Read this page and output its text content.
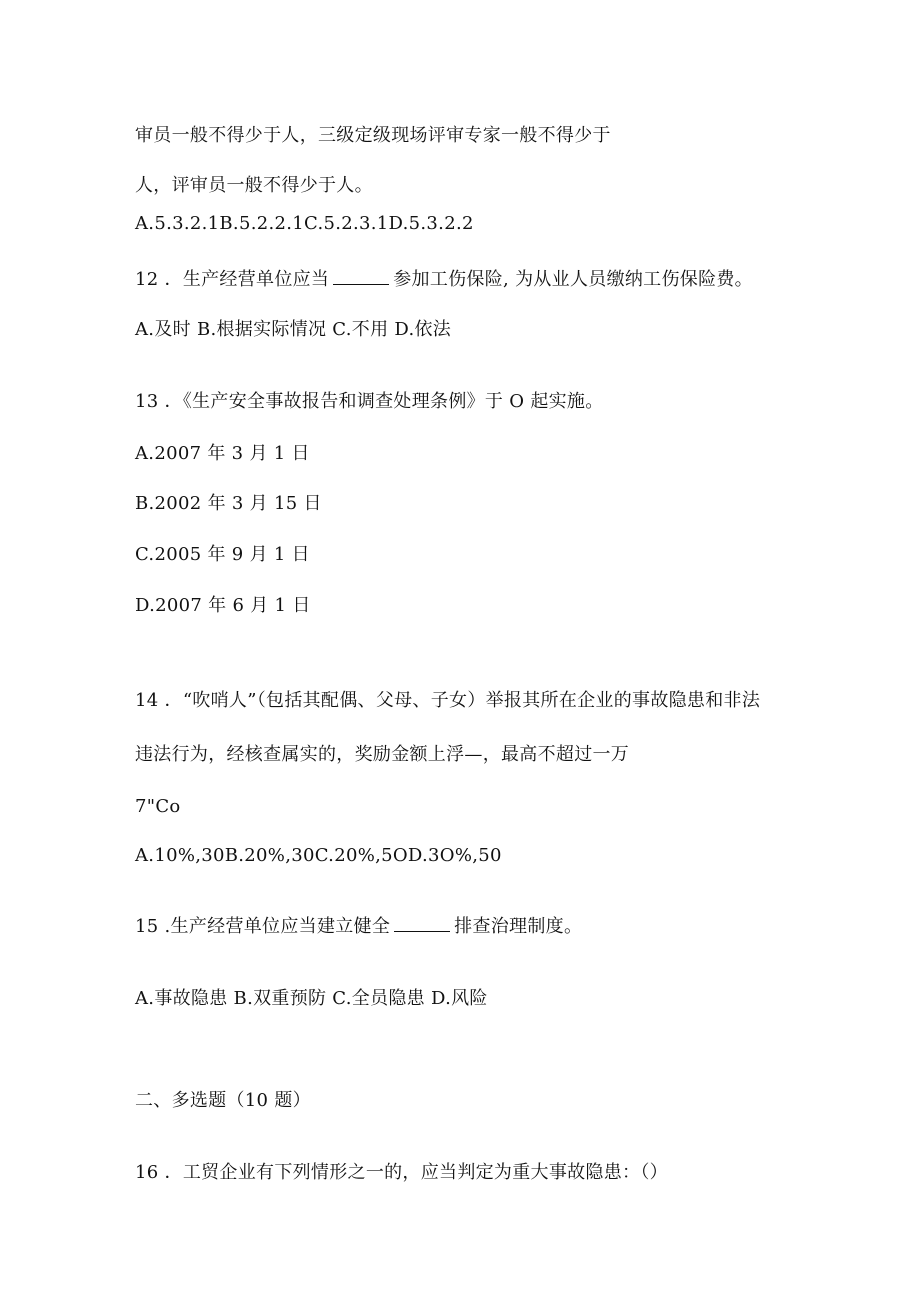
审员一般不得少于人，三级定级现场评审专家一般不得少于
人，评审员一般不得少于人。
A.5.3.2.1B.5.2.2.1C.5.2.3.1D.5.3.2.2
12 ．生产经营单位应当	参加工伤保险, 为从业人员缴纳工伤保险费。
A.及时 B.根据实际情况 C.不用 D.依法
13 ．《生产安全事故报告和调查处理条例》于 O 起实施。
A.2007 年 3 月 1 日
B.2002 年 3 月 15 日
C.2005 年 9 月 1 日
D.2007 年 6 月 1 日
14 ．“吹哨人”（包括其配偶、父母、子女）举报其所在企业的事故隐患和非法
违法行为，经核查属实的，奖励金额上浮—，最高不超过一万
7"Co
A.10%,30B.20%,30C.20%,5OD.3O%,50
15 .生产经营单位应当建立健全	排查治理制度。
A.事故隐患 B.双重预防 C.全员隐患 D.风险
二、多选题（10 题）
16 ．工贸企业有下列情形之一的，应当判定为重大事故隐患：（）
